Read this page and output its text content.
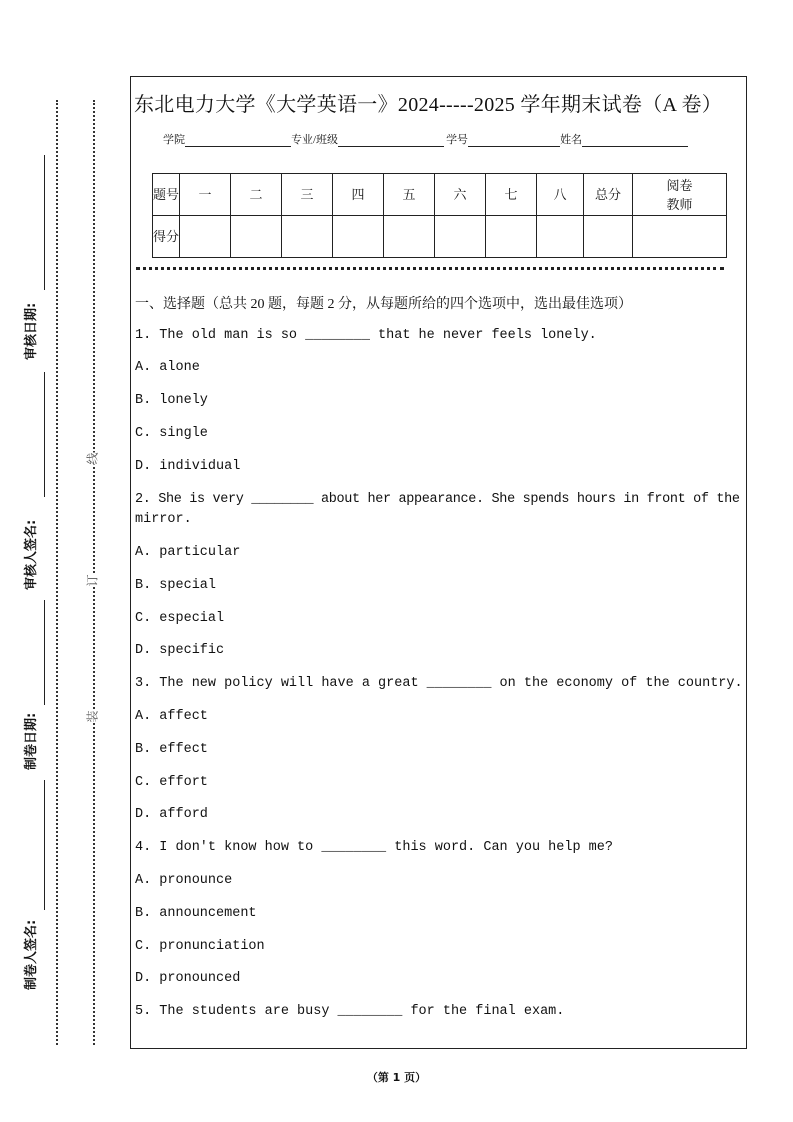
审核日期:
审核人签名:
制卷日期:
制卷人签名:
线
订
装
东北电力大学《大学英语一》2024-----2025 学年期末试卷（A 卷）
学院	专业/班级	学号	姓名
题号	一	二	三	四	五	六	七	八	总分	阅卷教师
得分										
一、选择题（总共 20 题，每题 2 分，从每题所给的四个选项中，选出最佳选项）
1. The old man is so ________ that he never feels lonely.
A. alone
B. lonely
C. single
D. individual
2. She is very ________ about her appearance. She spends hours in front of the
mirror.
A. particular
B. special
C. especial
D. specific
3. The new policy will have a great ________ on the economy of the country.
A. affect
B. effect
C. effort
D. afford
4. I don't know how to ________ this word. Can you help me?
A. pronounce
B. announcement
C. pronunciation
D. pronounced
5. The students are busy ________ for the final exam.
（第 1 页）
